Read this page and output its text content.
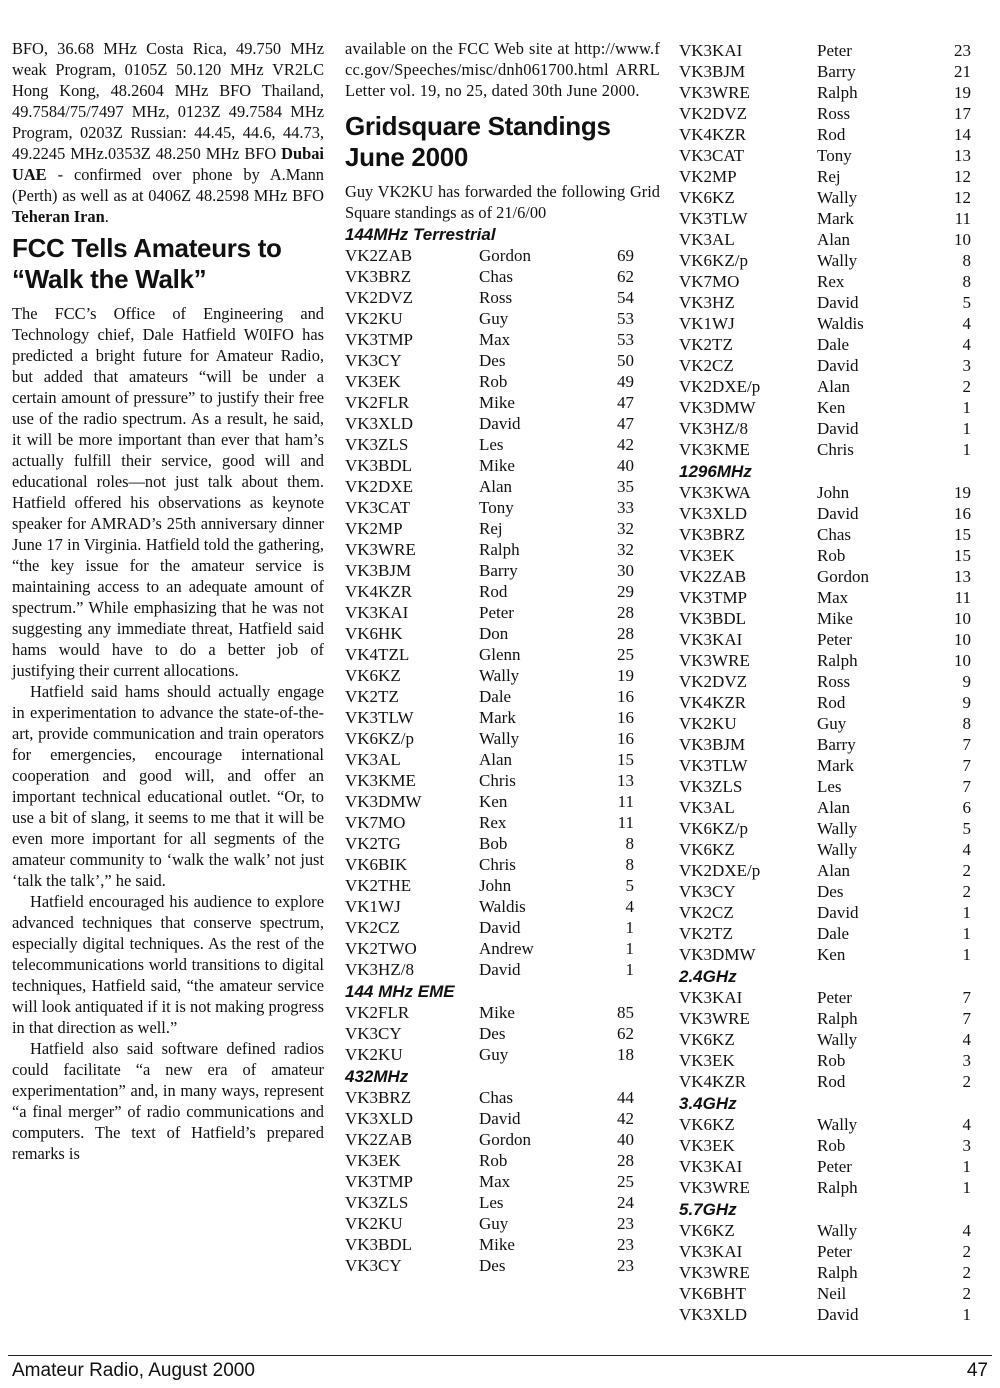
BFO, 36.68 MHz Costa Rica, 49.750 MHz weak Program, 0105Z 50.120 MHz VR2LC Hong Kong, 48.2604 MHz BFO Thailand, 49.7584/75/7497 MHz, 0123Z 49.7584 MHz Program, 0203Z Russian: 44.45, 44.6, 44.73, 49.2245 MHz.0353Z 48.250 MHz BFO Dubai UAE - confirmed over phone by A.Mann (Perth) as well as at 0406Z 48.2598 MHz BFO Teheran Iran.

FCC Tells Amateurs to
“Walk the Walk”

The FCC’s Office of Engineering and Technology chief, Dale Hatfield W0IFO has predicted a bright future for Amateur Radio, but added that amateurs “will be under a certain amount of pressure” to justify their free use of the radio spectrum. As a result, he said, it will be more important than ever that ham’s actually fulfill their service, good will and educational roles—not just talk about them. Hatfield offered his observations as keynote speaker for AMRAD’s 25th anniversary dinner June 17 in Virginia. Hatfield told the gathering, “the key issue for the amateur service is maintaining access to an adequate amount of spectrum.” While emphasizing that he was not suggesting any immediate threat, Hatfield said hams would have to do a better job of justifying their current allocations.

Hatfield said hams should actually engage in experimentation to advance the state-of-the-art, provide communication and train operators for emergencies, encourage international cooperation and good will, and offer an important technical educational outlet. “Or, to use a bit of slang, it seems to me that it will be even more important for all segments of the amateur community to ‘walk the walk’ not just ‘talk the talk’,” he said.

Hatfield encouraged his audience to explore advanced techniques that conserve spectrum, especially digital techniques. As the rest of the telecommunications world transitions to digital techniques, Hatfield said, “the amateur service will look antiquated if it is not making progress in that direction as well.”

Hatfield also said software defined radios could facilitate “a new era of amateur experimentation” and, in many ways, represent “a final merger” of radio communications and computers. The text of Hatfield’s prepared remarks is

available on the FCC Web site at http://www.fcc.gov/Speeches/misc/dnh061700.html ARRL Letter vol. 19, no 25, dated 30th June 2000.

Gridsquare Standings
June 2000

Guy VK2KU has forwarded the following Grid Square standings as of 21/6/00

144MHz Terrestrial
VK2ZAB	Gordon	69
VK3BRZ	Chas	62
VK2DVZ	Ross	54
VK2KU	Guy	53
VK3TMP	Max	53
VK3CY	Des	50
VK3EK	Rob	49
VK2FLR	Mike	47
VK3XLD	David	47
VK3ZLS	Les	42
VK3BDL	Mike	40
VK2DXE	Alan	35
VK3CAT	Tony	33
VK2MP	Rej	32
VK3WRE	Ralph	32
VK3BJM	Barry	30
VK4KZR	Rod	29
VK3KAI	Peter	28
VK6HK	Don	28
VK4TZL	Glenn	25
VK6KZ	Wally	19
VK2TZ	Dale	16
VK3TLW	Mark	16
VK6KZ/p	Wally	16
VK3AL	Alan	15
VK3KME	Chris	13
VK3DMW	Ken	11
VK7MO	Rex	11
VK2TG	Bob	8
VK6BIK	Chris	8
VK2THE	John	5
VK1WJ	Waldis	4
VK2CZ	David	1
VK2TWO	Andrew	1
VK3HZ/8	David	1
144 MHz EME
VK2FLR	Mike	85
VK3CY	Des	62
VK2KU	Guy	18
432MHz
VK3BRZ	Chas	44
VK3XLD	David	42
VK2ZAB	Gordon	40
VK3EK	Rob	28
VK3TMP	Max	25
VK3ZLS	Les	24
VK2KU	Guy	23
VK3BDL	Mike	23
VK3CY	Des	23
VK3KAI	Peter	23
VK3BJM	Barry	21
VK3WRE	Ralph	19
VK2DVZ	Ross	17
VK4KZR	Rod	14
VK3CAT	Tony	13
VK2MP	Rej	12
VK6KZ	Wally	12
VK3TLW	Mark	11
VK3AL	Alan	10
VK6KZ/p	Wally	8
VK7MO	Rex	8
VK3HZ	David	5
VK1WJ	Waldis	4
VK2TZ	Dale	4
VK2CZ	David	3
VK2DXE/p	Alan	2
VK3DMW	Ken	1
VK3HZ/8	David	1
VK3KME	Chris	1
1296MHz
VK3KWA	John	19
VK3XLD	David	16
VK3BRZ	Chas	15
VK3EK	Rob	15
VK2ZAB	Gordon	13
VK3TMP	Max	11
VK3BDL	Mike	10
VK3KAI	Peter	10
VK3WRE	Ralph	10
VK2DVZ	Ross	9
VK4KZR	Rod	9
VK2KU	Guy	8
VK3BJM	Barry	7
VK3TLW	Mark	7
VK3ZLS	Les	7
VK3AL	Alan	6
VK6KZ/p	Wally	5
VK6KZ	Wally	4
VK2DXE/p	Alan	2
VK3CY	Des	2
VK2CZ	David	1
VK2TZ	Dale	1
VK3DMW	Ken	1
2.4GHz
VK3KAI	Peter	7
VK3WRE	Ralph	7
VK6KZ	Wally	4
VK3EK	Rob	3
VK4KZR	Rod	2
3.4GHz
VK6KZ	Wally	4
VK3EK	Rob	3
VK3KAI	Peter	1
VK3WRE	Ralph	1
5.7GHz
VK6KZ	Wally	4
VK3KAI	Peter	2
VK3WRE	Ralph	2
VK6BHT	Neil	2
VK3XLD	David	1
Amateur Radio, August 2000	47
